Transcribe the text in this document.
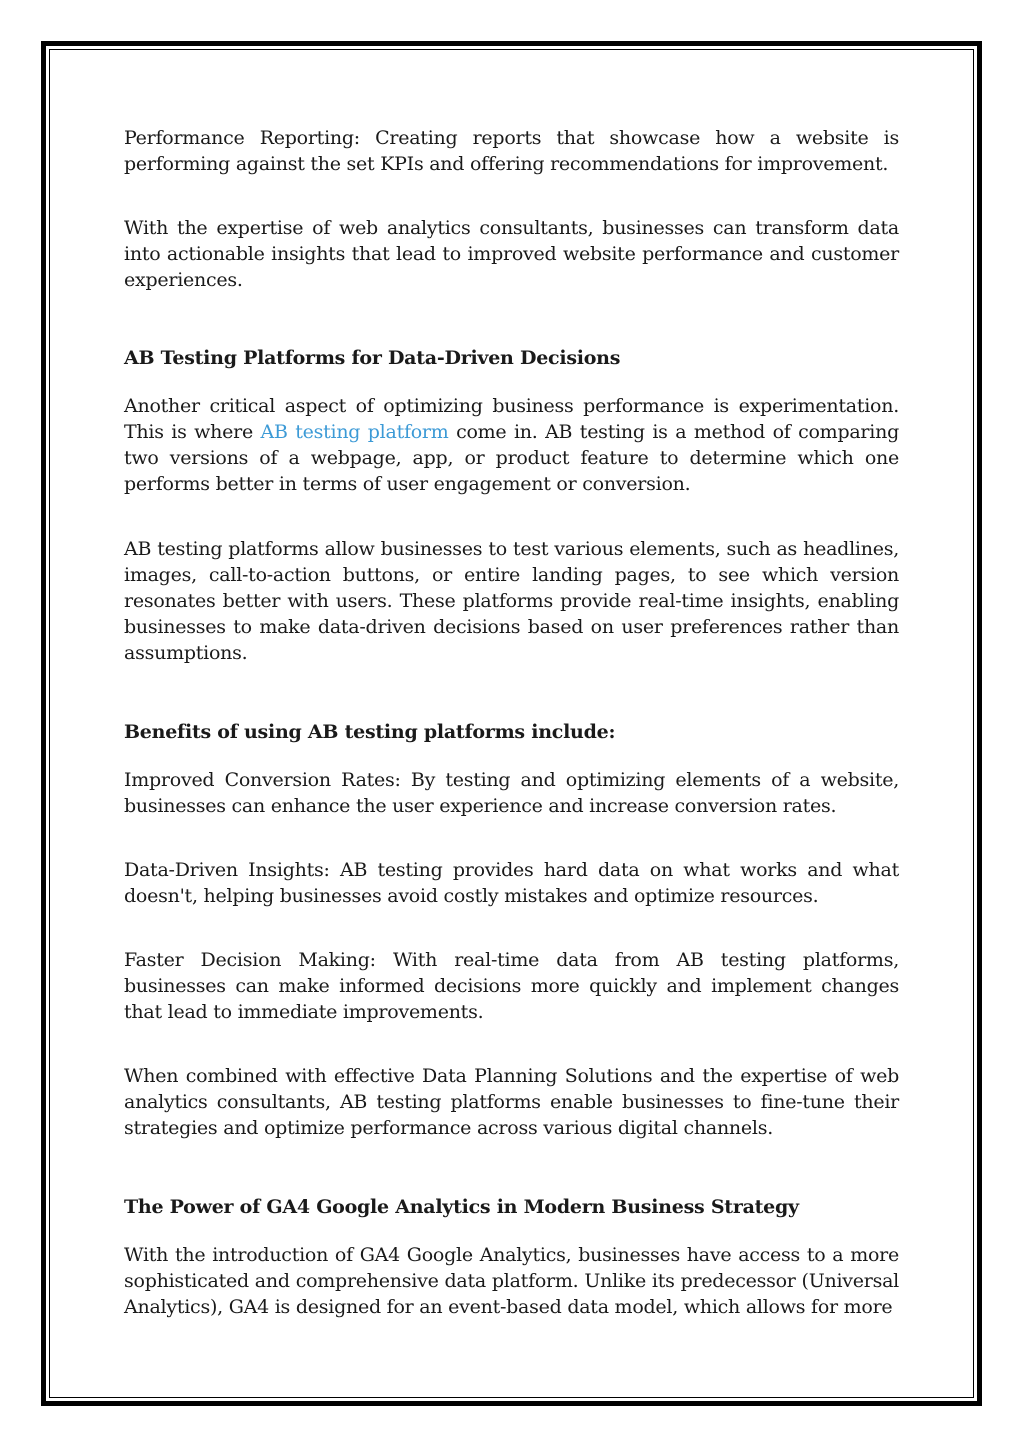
Performance Reporting: Creating reports that showcase how a website is performing against the set KPIs and offering recommendations for improvement.

With the expertise of web analytics consultants, businesses can transform data into actionable insights that lead to improved website performance and customer experiences.

AB Testing Platforms for Data-Driven Decisions

Another critical aspect of optimizing business performance is experimentation. This is where AB testing platform come in. AB testing is a method of comparing two versions of a webpage, app, or product feature to determine which one performs better in terms of user engagement or conversion.

AB testing platforms allow businesses to test various elements, such as headlines, images, call-to-action buttons, or entire landing pages, to see which version resonates better with users. These platforms provide real-time insights, enabling businesses to make data-driven decisions based on user preferences rather than assumptions.

Benefits of using AB testing platforms include:

Improved Conversion Rates: By testing and optimizing elements of a website, businesses can enhance the user experience and increase conversion rates.

Data-Driven Insights: AB testing provides hard data on what works and what doesn't, helping businesses avoid costly mistakes and optimize resources.

Faster Decision Making: With real-time data from AB testing platforms, businesses can make informed decisions more quickly and implement changes that lead to immediate improvements.

When combined with effective Data Planning Solutions and the expertise of web analytics consultants, AB testing platforms enable businesses to fine-tune their strategies and optimize performance across various digital channels.

The Power of GA4 Google Analytics in Modern Business Strategy

With the introduction of GA4 Google Analytics, businesses have access to a more sophisticated and comprehensive data platform. Unlike its predecessor (Universal Analytics), GA4 is designed for an event-based data model, which allows for more
